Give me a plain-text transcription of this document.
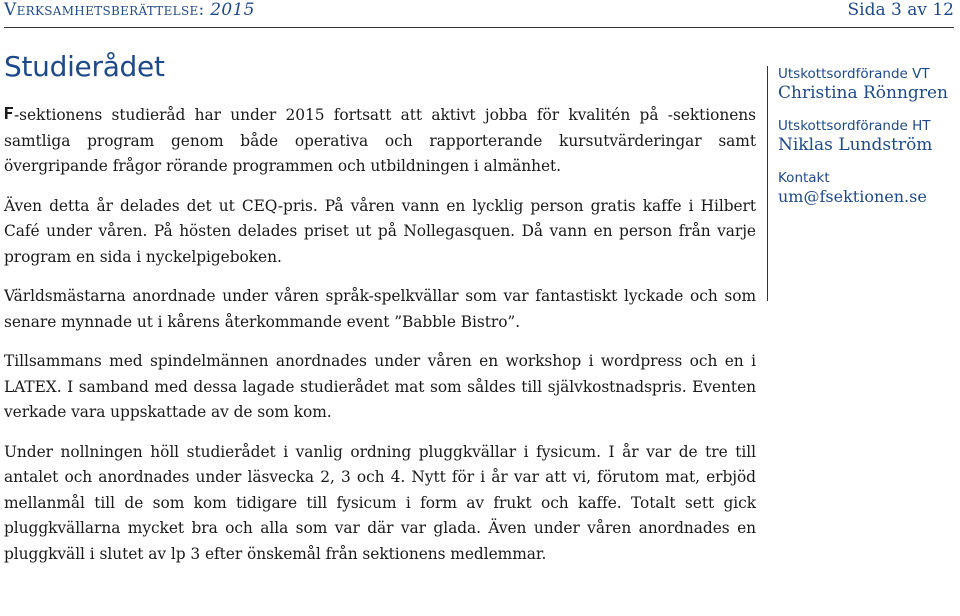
Verksamhetsberättelse: 2015	Sida 3 av 12
Studierådet

-sektionens studieråd har under 2015 fortsatt att aktivt jobba för kvalitén på -sektionens samtliga program genom både operativa och rapporterande kursutvärderingar samt övergripande frågor rörande programmen och utbildningen i almänhet.

Även detta år delades det ut CEQ-pris. På våren vann en lycklig person gratis kaffe i Hilbert Café under våren. På hösten delades priset ut på Nollegasquen. Då vann en person från varje program en sida i nyckelpigeboken.

Världsmästarna anordnade under våren språk-spelkvällar som var fantastiskt lyckade och som senare mynnade ut i kårens återkommande event ”Babble Bistro”.

Tillsammans med spindelmännen anordnades under våren en workshop i wordpress och en i LATEX. I samband med dessa lagade studierådet mat som såldes till självkostnadspris. Eventen verkade vara uppskattade av de som kom.

Under nollningen höll studierådet i vanlig ordning pluggkvällar i fysicum. I år var de tre till antalet och anordnades under läsvecka 2, 3 och 4. Nytt för i år var att vi, förutom mat, erbjöd mellanmål till de som kom tidigare till fysicum i form av frukt och kaffe. Totalt sett gick pluggkvällarna mycket bra och alla som var där var glada. Även under våren anordnades en pluggkväll i slutet av lp 3 efter önskemål från sektionens medlemmar.

Utskottsordförande VT
Christina Rönngren
Utskottsordförande HT
Niklas Lundström
Kontakt
um@fsektionen.se
